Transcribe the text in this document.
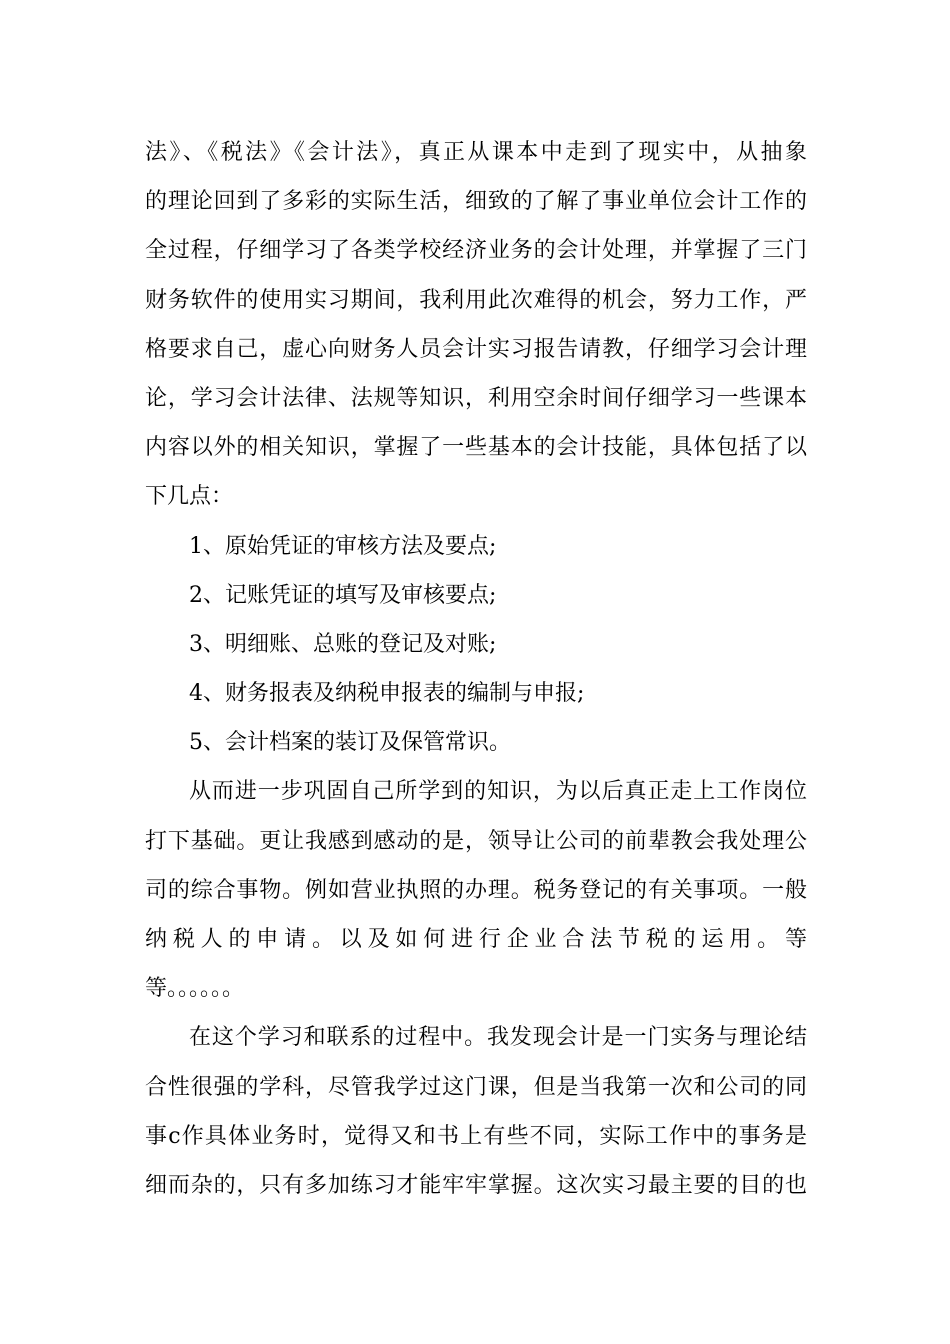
法》、《税法》《会计法》，真正从课本中走到了现实中，从抽象
的理论回到了多彩的实际生活，细致的了解了事业单位会计工作的
全过程，仔细学习了各类学校经济业务的会计处理，并掌握了三门
财务软件的使用实习期间，我利用此次难得的机会，努力工作，严
格要求自己，虚心向财务人员会计实习报告请教，仔细学习会计理
论，学习会计法律、法规等知识，利用空余时间仔细学习一些课本
内容以外的相关知识，掌握了一些基本的会计技能，具体包括了以
下几点：
1、原始凭证的审核方法及要点;
2、记账凭证的填写及审核要点;
3、明细账、总账的登记及对账;
4、财务报表及纳税申报表的编制与申报;
5、会计档案的装订及保管常识。
从而进一步巩固自己所学到的知识，为以后真正走上工作岗位
打下基础。更让我感到感动的是，领导让公司的前辈教会我处理公
司的综合事物。例如营业执照的办理。税务登记的有关事项。一般
纳税人的申请。以及如何进行企业合法节税的运用。等
等。。。。。。
在这个学习和联系的过程中。我发现会计是一门实务与理论结
合性很强的学科，尽管我学过这门课，但是当我第一次和公司的同
事c作具体业务时，觉得又和书上有些不同，实际工作中的事务是
细而杂的，只有多加练习才能牢牢掌握。这次实习最主要的目的也
